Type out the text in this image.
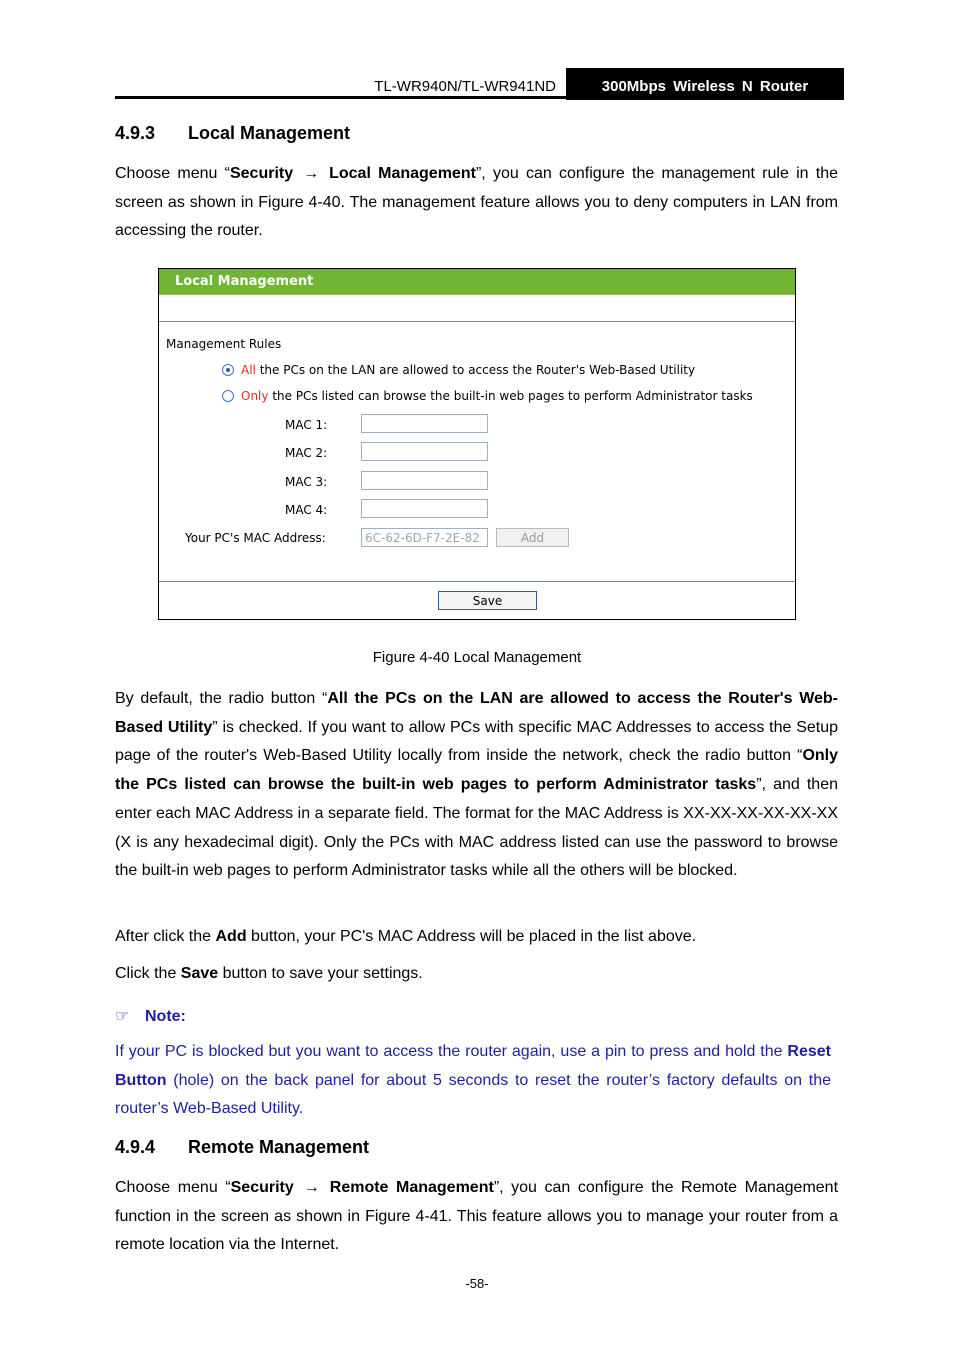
TL-WR940N/TL-WR941ND	300Mbps Wireless N Router
4.9.3 Local Management

Choose menu “Security → Local Management”, you can configure the management rule in the screen as shown in Figure 4-40. The management feature allows you to deny computers in LAN from accessing the router.

Local Management
Management Rules
All the PCs on the LAN are allowed to access the Router's Web-Based Utility
Only the PCs listed can browse the built-in web pages to perform Administrator tasks
MAC 1:
MAC 2:
MAC 3:
MAC 4:
Your PC's MAC Address:	6C-62-6D-F7-2E-82	Add
Save
Figure 4-40 Local Management

By default, the radio button “All the PCs on the LAN are allowed to access the Router's Web-Based Utility” is checked. If you want to allow PCs with specific MAC Addresses to access the Setup page of the router's Web-Based Utility locally from inside the network, check the radio button “Only the PCs listed can browse the built-in web pages to perform Administrator tasks”, and then enter each MAC Address in a separate field. The format for the MAC Address is XX-XX-XX-XX-XX-XX (X is any hexadecimal digit). Only the PCs with MAC address listed can use the password to browse the built-in web pages to perform Administrator tasks while all the others will be blocked.

After click the Add button, your PC's MAC Address will be placed in the list above.

Click the Save button to save your settings.

☞ Note:

If your PC is blocked but you want to access the router again, use a pin to press and hold the Reset Button (hole) on the back panel for about 5 seconds to reset the router’s factory defaults on the router’s Web-Based Utility.

4.9.4 Remote Management

Choose menu “Security → Remote Management”, you can configure the Remote Management function in the screen as shown in Figure 4-41. This feature allows you to manage your router from a remote location via the Internet.

-58-
